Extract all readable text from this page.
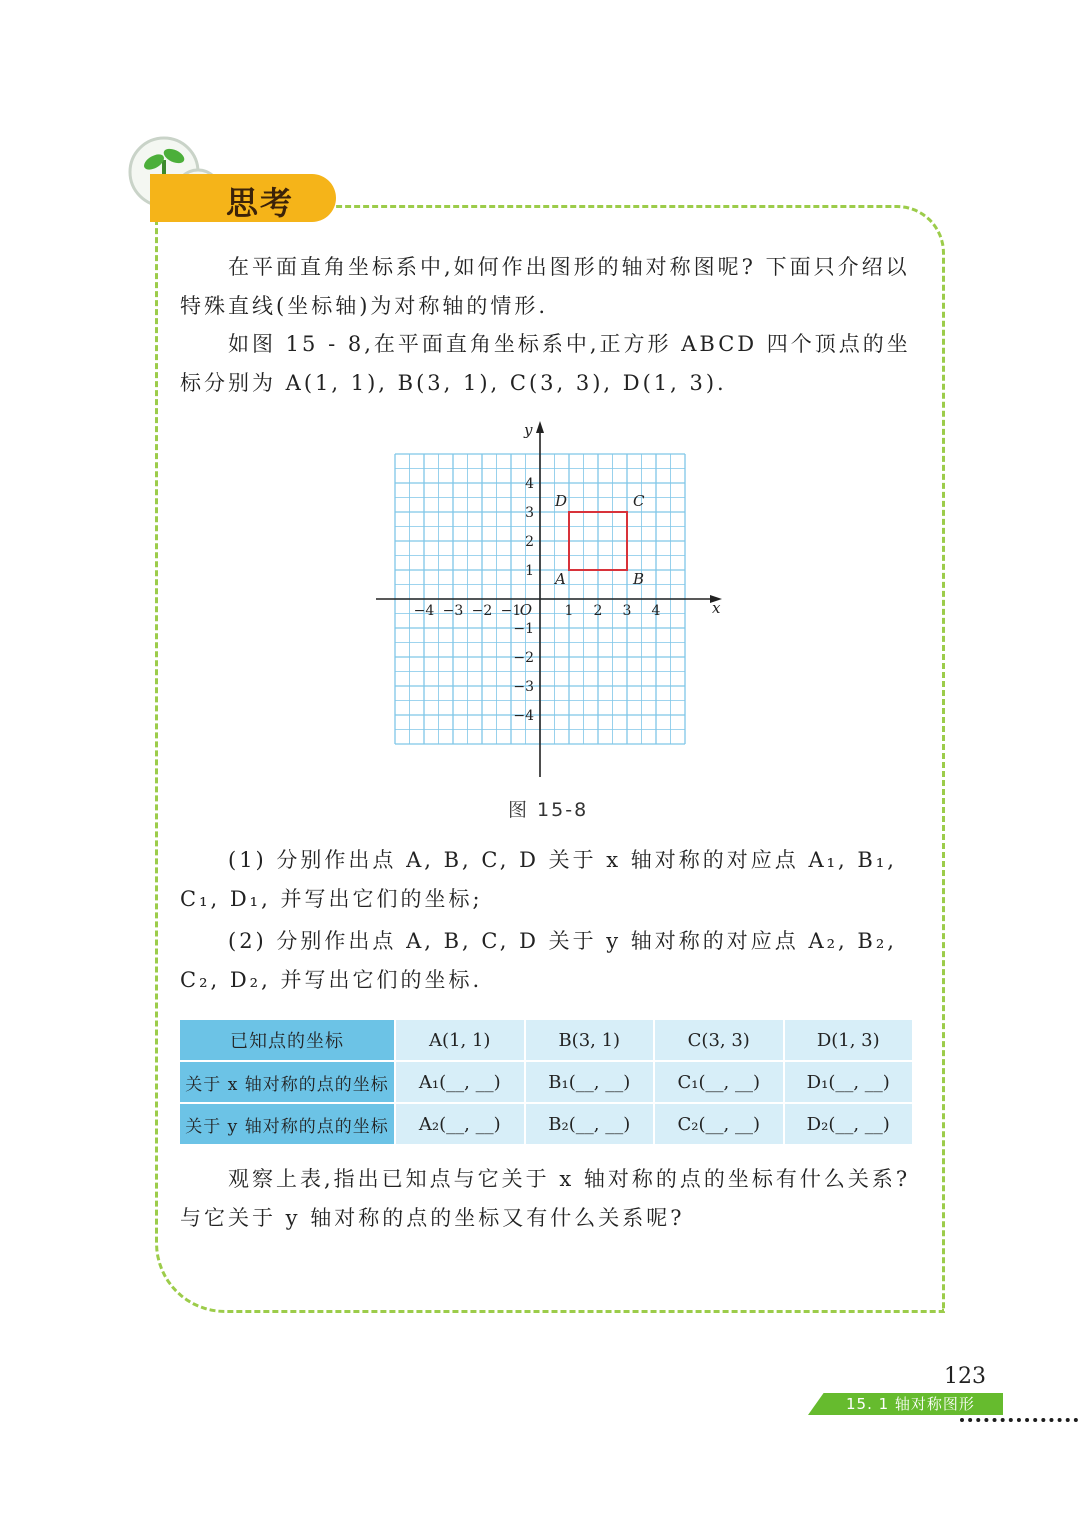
思考

在平面直角坐标系中,如何作出图形的轴对称图呢? 下面只介绍以特殊直线(坐标轴)为对称轴的情形.

如图 15 - 8,在平面直角坐标系中,正方形 ABCD 四个顶点的坐标分别为 A(1, 1), B(3, 1), C(3, 3), D(1, 3).

x
y
O
−4 −3 −2 −1	1 2 3 4
4
3
2
1
−1
−2
−3
−4
A	B
C
D
图 15-8

(1) 分别作出点 A, B, C, D 关于 x 轴对称的对应点 A₁, B₁, C₁, D₁, 并写出它们的坐标;

(2) 分别作出点 A, B, C, D 关于 y 轴对称的对应点 A₂, B₂, C₂, D₂, 并写出它们的坐标.

已知点的坐标	A(1, 1)	B(3, 1)	C(3, 3)	D(1, 3)
关于 x 轴对称的点的坐标	A₁(__, __)	B₁(__, __)	C₁(__, __)	D₁(__, __)
关于 y 轴对称的点的坐标	A₂(__, __)	B₂(__, __)	C₂(__, __)	D₂(__, __)

观察上表,指出已知点与它关于 x 轴对称的点的坐标有什么关系? 与它关于 y 轴对称的点的坐标又有什么关系呢?

123
15. 1 轴对称图形
